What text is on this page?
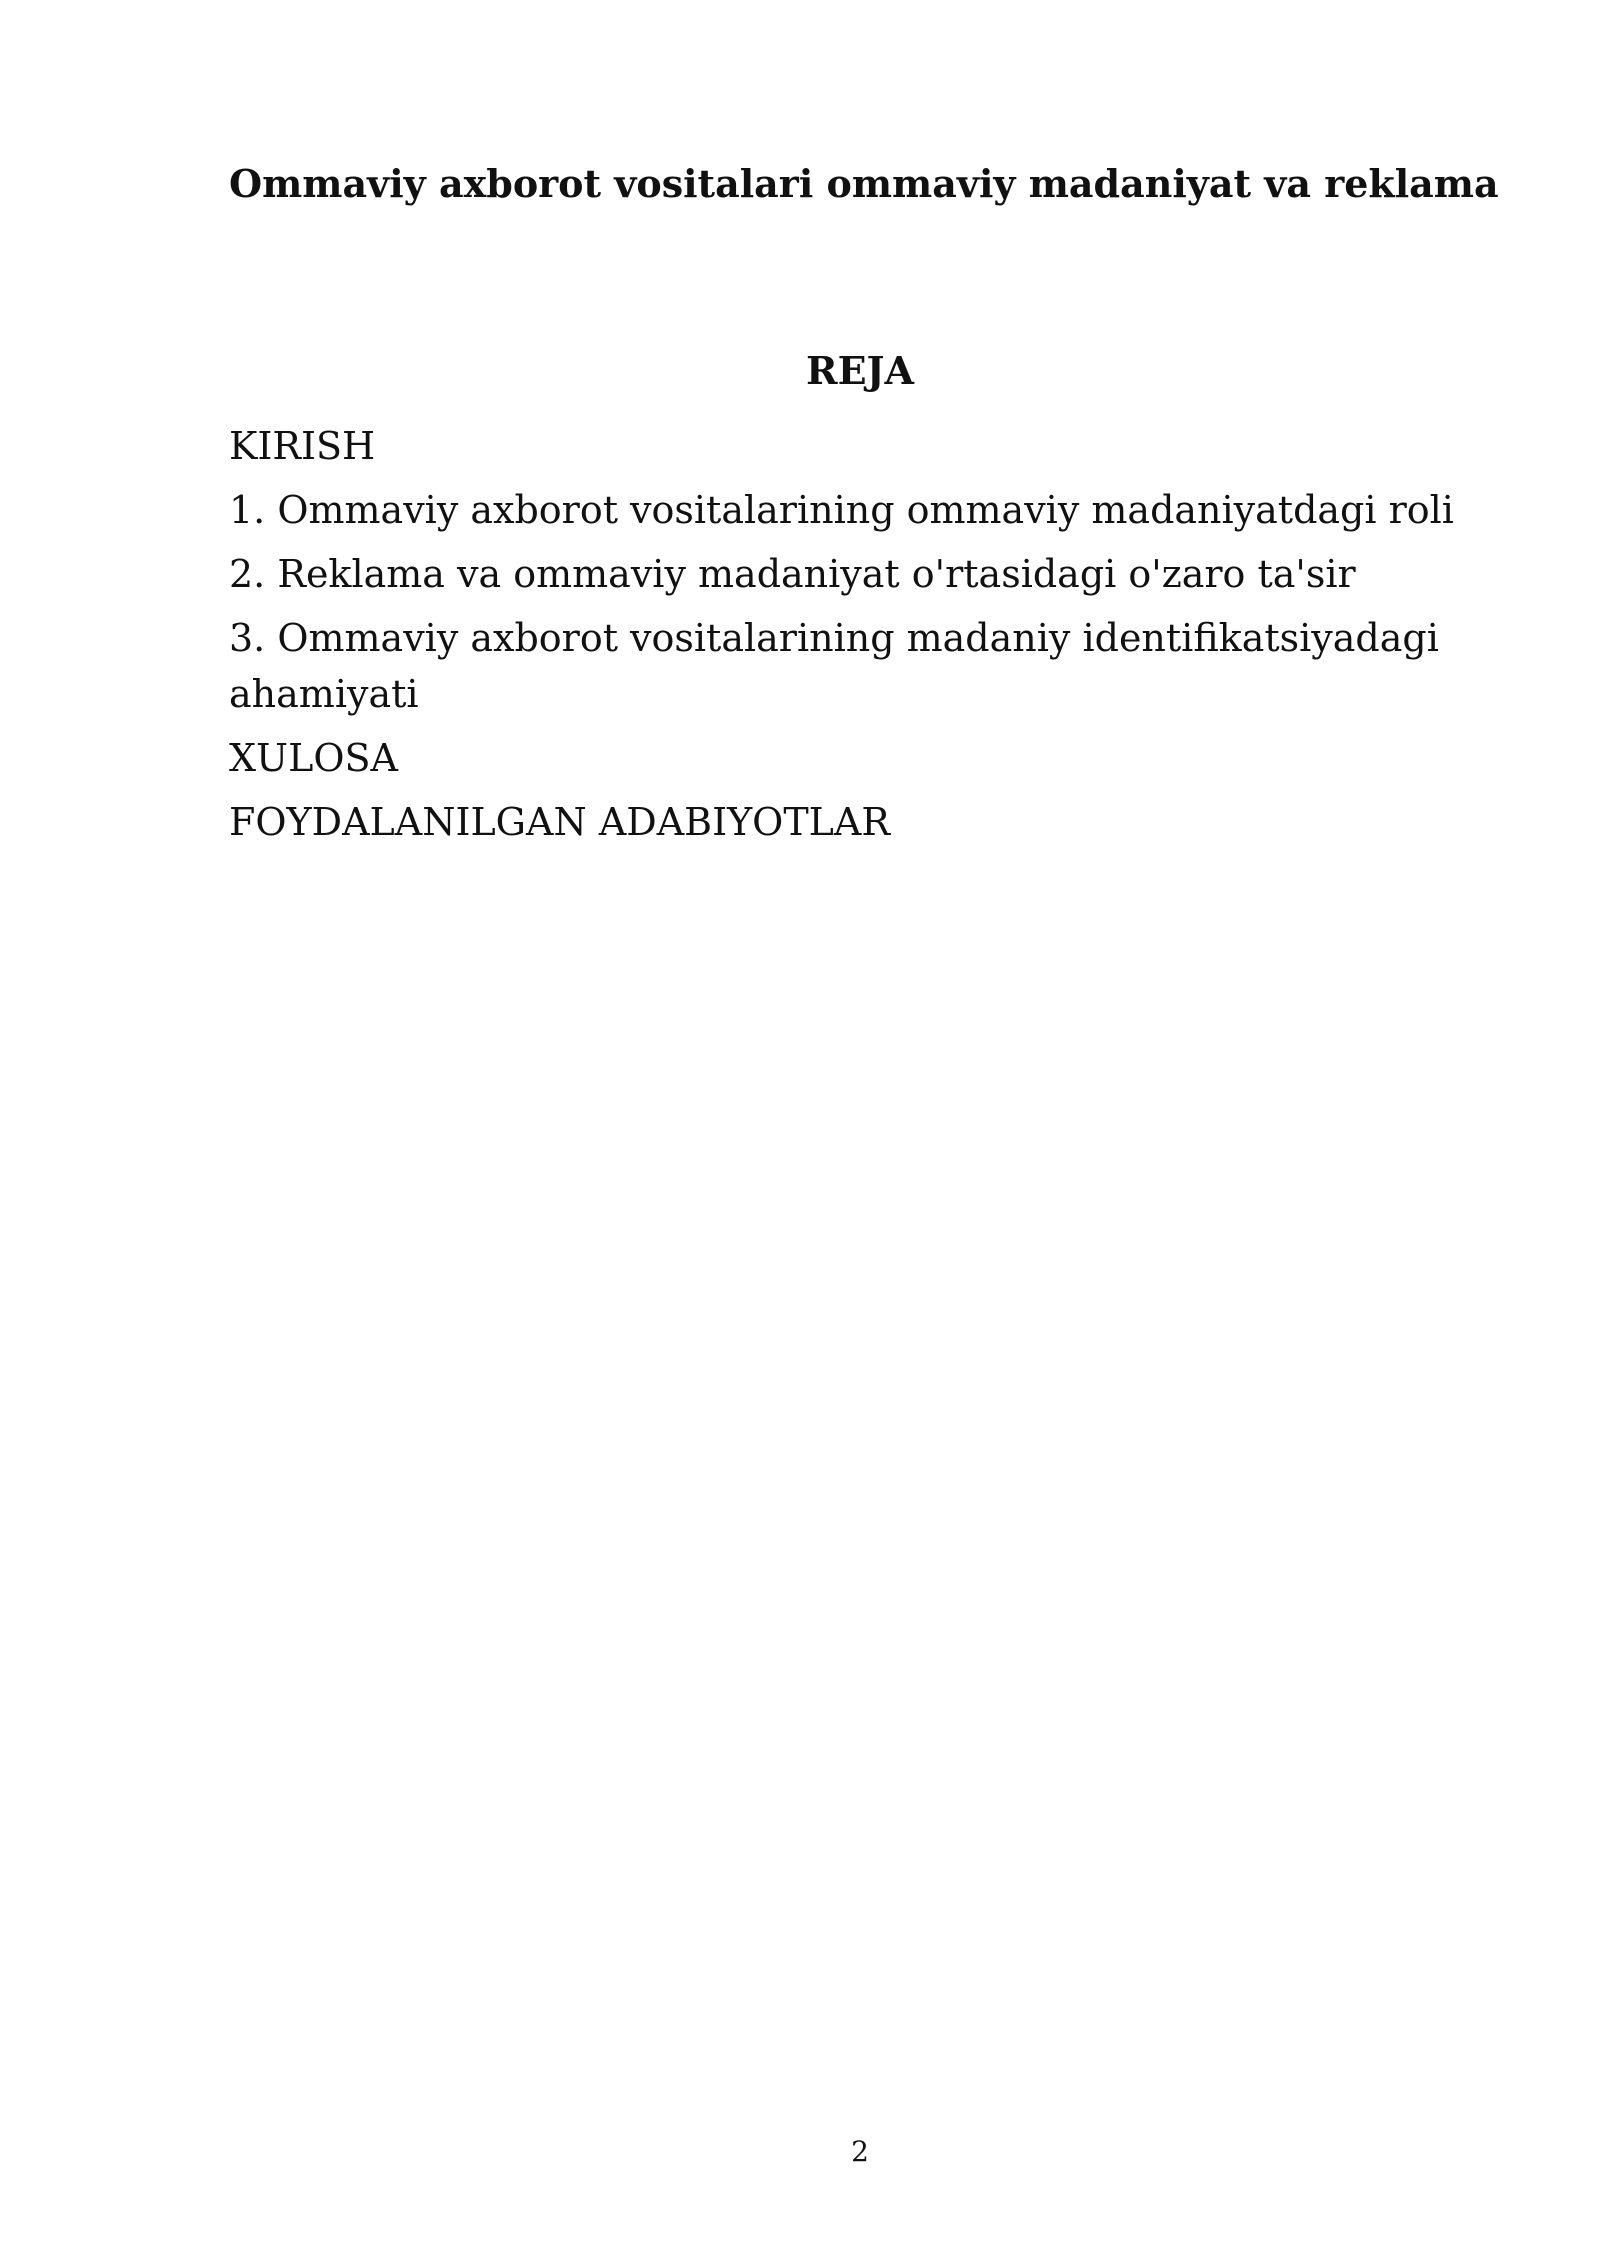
Ommaviy axborot vositalari ommaviy madaniyat va reklama
REJA
KIRISH
1. Ommaviy axborot vositalarining ommaviy madaniyatdagi roli
2. Reklama va ommaviy madaniyat o'rtasidagi o'zaro ta'sir
3. Ommaviy axborot vositalarining madaniy identifikatsiyadagi ahamiyati
XULOSA
FOYDALANILGAN ADABIYOTLAR
2
